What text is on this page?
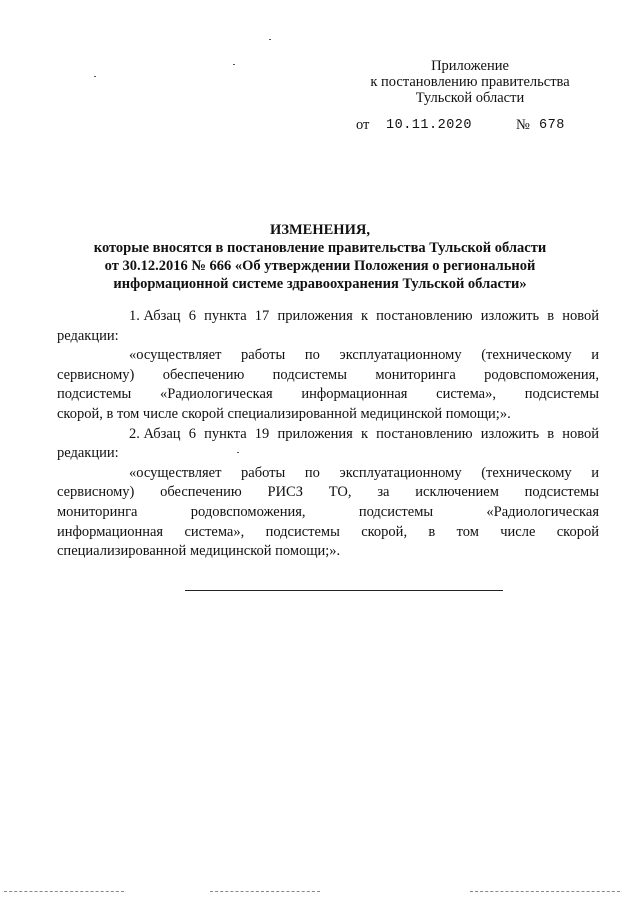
Приложение
к постановлению правительства
Тульской области
от 10.11.2020	№ 678
ИЗМЕНЕНИЯ,
которые вносятся в постановление правительства Тульской области
от 30.12.2016 № 666 «Об утверждении Положения о региональной
информационной системе здравоохранения Тульской области»
1. Абзац 6 пункта 17 приложения к постановлению изложить в новой
редакции:
«осуществляет работы по эксплуатационному (техническому и
сервисному) обеспечению подсистемы мониторинга родовспоможения,
подсистемы «Радиологическая информационная система», подсистемы
скорой, в том числе скорой специализированной медицинской помощи;».
2. Абзац 6 пункта 19 приложения к постановлению изложить в новой
редакции:
«осуществляет работы по эксплуатационному (техническому и
сервисному) обеспечению РИСЗ ТО, за исключением подсистемы
мониторинга	родовспоможения,	подсистемы	«Радиологическая
информационная система», подсистемы скорой, в том числе скорой
специализированной медицинской помощи;».
